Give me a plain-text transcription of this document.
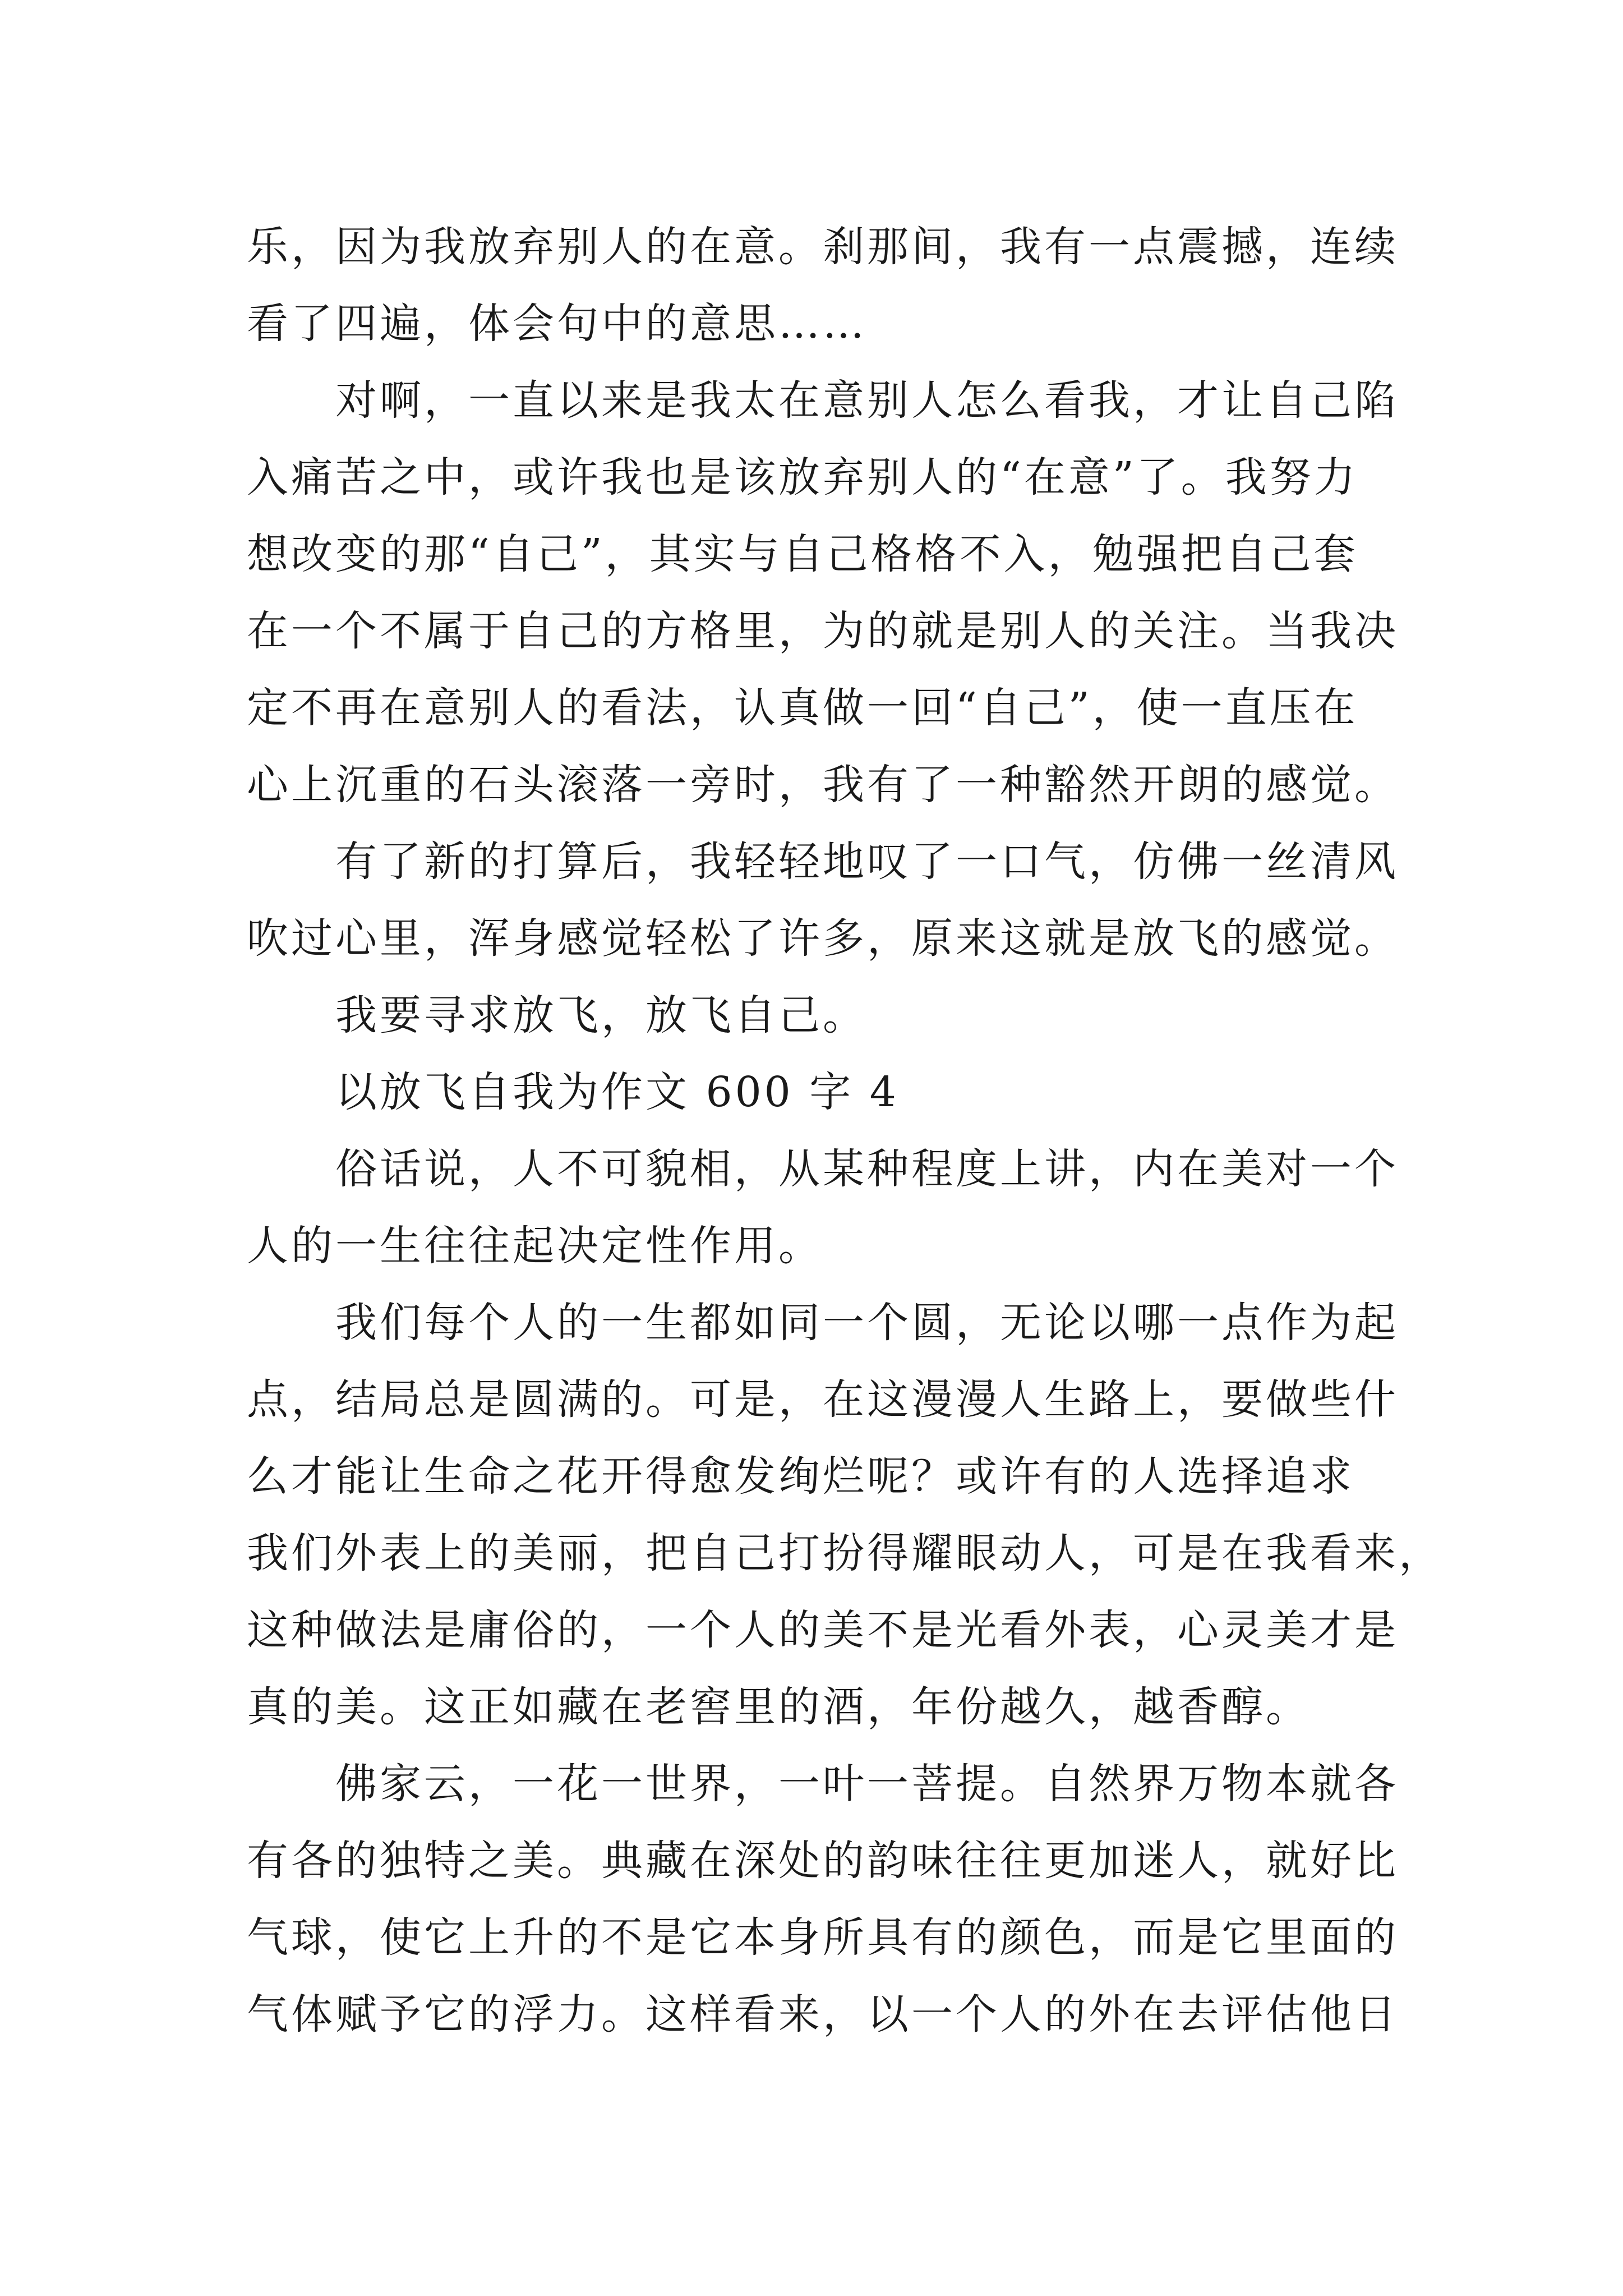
乐，因为我放弃别人的在意。刹那间，我有一点震撼，连续
看了四遍，体会句中的意思……
对啊，一直以来是我太在意别人怎么看我，才让自己陷
入痛苦之中，或许我也是该放弃别人的“在意”了。我努力
想改变的那“自己”，其实与自己格格不入，勉强把自己套
在一个不属于自己的方格里，为的就是别人的关注。当我决
定不再在意别人的看法，认真做一回“自己”，使一直压在
心上沉重的石头滚落一旁时，我有了一种豁然开朗的感觉。
有了新的打算后，我轻轻地叹了一口气，仿佛一丝清风
吹过心里，浑身感觉轻松了许多，原来这就是放飞的感觉。
我要寻求放飞，放飞自己。
以放飞自我为作文 600 字 4
俗话说，人不可貌相，从某种程度上讲，内在美对一个
人的一生往往起决定性作用。
我们每个人的一生都如同一个圆，无论以哪一点作为起
点，结局总是圆满的。可是，在这漫漫人生路上，要做些什
么才能让生命之花开得愈发绚烂呢？或许有的人选择追求
我们外表上的美丽，把自己打扮得耀眼动人，可是在我看来，
这种做法是庸俗的，一个人的美不是光看外表，心灵美才是
真的美。这正如藏在老窖里的酒，年份越久，越香醇。
佛家云，一花一世界，一叶一菩提。自然界万物本就各
有各的独特之美。典藏在深处的韵味往往更加迷人，就好比
气球，使它上升的不是它本身所具有的颜色，而是它里面的
气体赋予它的浮力。这样看来，以一个人的外在去评估他日
